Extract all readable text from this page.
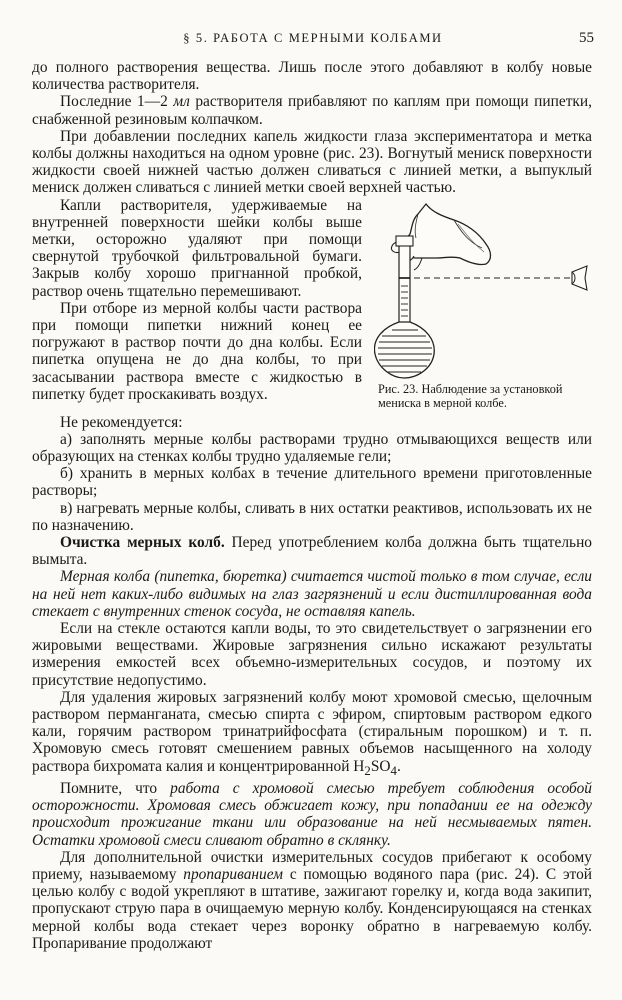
§ 5. РАБОТА С МЕРНЫМИ КОЛБАМИ	55

до полного растворения вещества. Лишь после этого добавляют в колбу новые количества растворителя.

Последние 1—2 мл растворителя прибавляют по каплям при помощи пипетки, снабженной резиновым колпачком.

При добавлении последних капель жидкости глаза экспериментатора и метка колбы должны находиться на одном уровне (рис. 23). Вогнутый мениск поверхности жидкости своей нижней частью должен сливаться с линией метки, а выпуклый мениск должен сливаться с линией метки своей верхней частью.

Рис. 23. Наблюдение за установкой мениска в мерной колбе.

Капли растворителя, удерживаемые на внутренней поверхности шейки колбы выше метки, осторожно удаляют при помощи свернутой трубочкой фильтровальной бумаги. Закрыв колбу хорошо пригнанной пробкой, раствор очень тщательно перемешивают.

При отборе из мерной колбы части раствора при помощи пипетки нижний конец ее погружают в раствор почти до дна колбы. Если пипетка опущена не до дна колбы, то при засасывании раствора вместе с жидкостью в пипетку будет проскакивать воздух.

Не рекомендуется:

а) заполнять мерные колбы растворами трудно отмывающихся веществ или образующих на стенках колбы трудно удаляемые гели;

б) хранить в мерных колбах в течение длительного времени приготовленные растворы;

в) нагревать мерные колбы, сливать в них остатки реактивов, использовать их не по назначению.

Очистка мерных колб. Перед употреблением колба должна быть тщательно вымыта.

Мерная колба (пипетка, бюретка) считается чистой только в том случае, если на ней нет каких-либо видимых на глаз загрязнений и если дистиллированная вода стекает с внутренних стенок сосуда, не оставляя капель.

Если на стекле остаются капли воды, то это свидетельствует о загрязнении его жировыми веществами. Жировые загрязнения сильно искажают результаты измерения емкостей всех объемно-измерительных сосудов, и поэтому их присутствие недопустимо.

Для удаления жировых загрязнений колбу моют хромовой смесью, щелочным раствором перманганата, смесью спирта с эфиром, спиртовым раствором едкого кали, горячим раствором тринатрийфосфата (стиральным порошком) и т. п. Хромовую смесь готовят смешением равных объемов насыщенного на холоду раствора бихромата калия и концентрированной $H_2SO_4$.

Помните, что работа с хромовой смесью требует соблюдения особой осторожности. Хромовая смесь обжигает кожу, при попадании ее на одежду происходит прожигание ткани или образование на ней несмываемых пятен. Остатки хромовой смеси сливают обратно в склянку.

Для дополнительной очистки измерительных сосудов прибегают к особому приему, называемому пропариванием с помощью водяного пара (рис. 24). С этой целью колбу с водой укрепляют в штативе, зажигают горелку и, когда вода закипит, пропускают струю пара в очищаемую мерную колбу. Конденсирующаяся на стенках мерной колбы вода стекает через воронку обратно в нагреваемую колбу. Пропаривание продолжают
